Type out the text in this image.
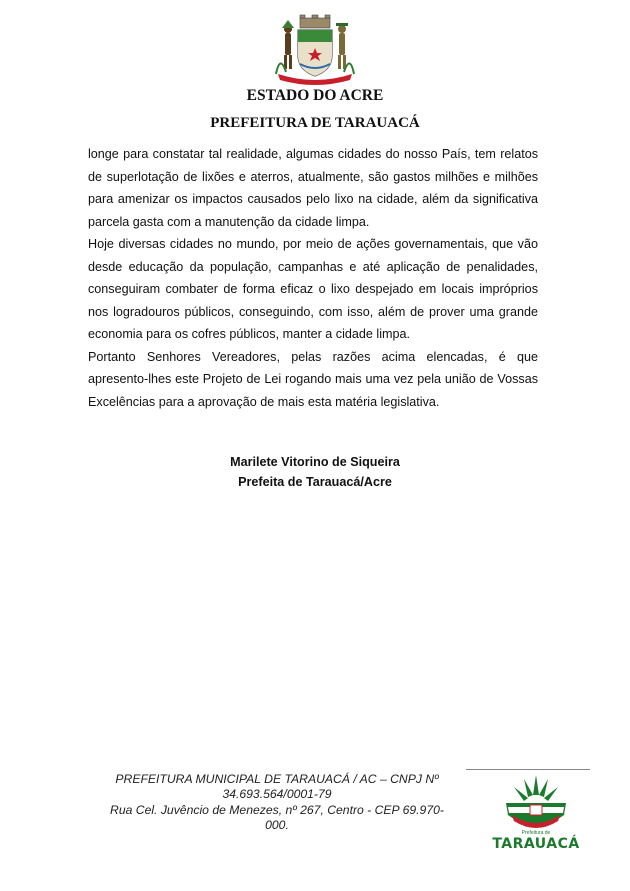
ESTADO DO ACRE
PREFEITURA DE TARAUACÁ
longe para constatar tal realidade, algumas cidades do nosso País, tem relatos
de superlotação de lixões e aterros, atualmente, são gastos milhões e milhões
para amenizar os impactos causados pelo lixo na cidade, além da significativa
parcela gasta com a manutenção da cidade limpa.
Hoje diversas cidades no mundo, por meio de ações governamentais, que vão
desde educação da população, campanhas e até aplicação de penalidades,
conseguiram combater de forma eficaz o lixo despejado em locais impróprios
nos logradouros públicos, conseguindo, com isso, além de prover uma grande
economia para os cofres públicos, manter a cidade limpa.
Portanto Senhores Vereadores, pelas razões acima elencadas, é que
apresento-lhes este Projeto de Lei rogando mais uma vez pela união de Vossas
Excelências para a aprovação de mais esta matéria legislativa.
Marilete Vitorino de Siqueira
Prefeita de Tarauacá/Acre
PREFEITURA MUNICIPAL DE TARAUACÁ / AC – CNPJ Nº
34.693.564/0001-79
Rua Cel. Juvêncio de Menezes, nº 267, Centro - CEP 69.970-
000.
Prefeitura de
TARAUACÁ
